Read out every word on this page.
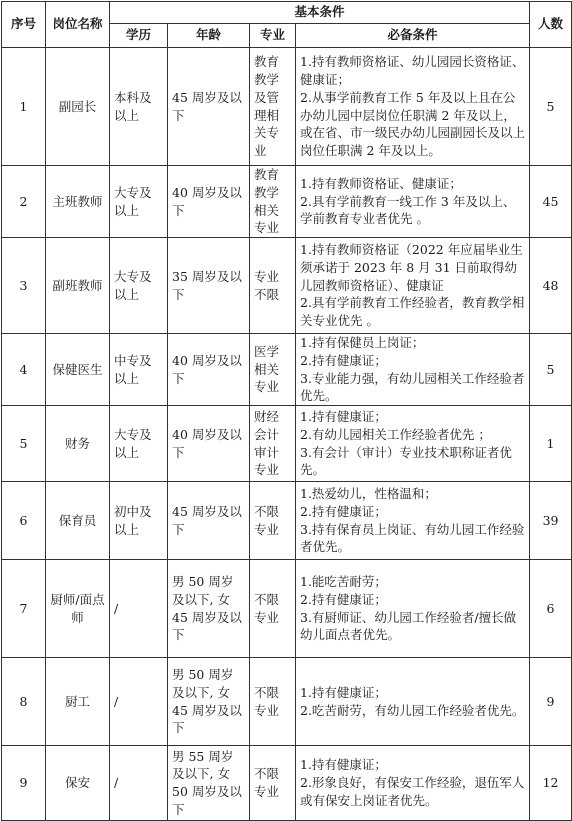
序号	岗位名称	基本条件				人数
		学历	年龄	专业	必备条件	
1	副园长	本科及以上	45 周岁及以下	教育教学及管理相关专业	1.持有教师资格证、幼儿园园长资格证、健康证；
2.从事学前教育工作 5 年及以上且在公办幼儿园中层岗位任职满 2 年及以上，或在省、市一级民办幼儿园副园长及以上岗位任职满 2 年及以上。	5
2	主班教师	大专及以上	40 周岁及以下	教育教学相关专业	1.持有教师资格证、健康证；
2.具有学前教育一线工作 3 年及以上、学前教育专业者优先 。	45
3	副班教师	大专及以上	35 周岁及以下	专业不限	1.持有教师资格证（2022 年应届毕业生须承诺于 2023 年 8 月 31 日前取得幼儿园教师资格证）、健康证
2.具有学前教育工作经验者，教育教学相关专业优先 。	48
4	保健医生	中专及以上	40 周岁及以下	医学相关专业	1.持有保健员上岗证；
2.持有健康证；
3.专业能力强，有幼儿园相关工作经验者优先。	5
5	财务	大专及以上	40 周岁及以下	财经会计审计专业	1.持有健康证；
2.有幼儿园相关工作经验者优先 ；
3.有会计（审计）专业技术职称证者优先。	1
6	保育员	初中及以上	45 周岁及以下	不限专业	1.热爱幼儿，性格温和；
2.持有健康证；
3.持有保育员上岗证、有幼儿园工作经验者优先。	39
7	厨师/面点师	/	男 50 周岁及以下, 女 45 周岁及以下	不限专业	1.能吃苦耐劳；
2.持有健康证；
3.有厨师证、幼儿园工作经验者/擅长做幼儿面点者优先。	6
8	厨工	/	男 50 周岁及以下, 女 45 周岁及以下	不限专业	1.持有健康证；
2.吃苦耐劳，有幼儿园工作经验者优先。	9
9	保安	/	男 55 周岁及以下, 女 50 周岁及以下	不限专业	1.持有健康证；
2.形象良好，有保安工作经验，退伍军人或有保安上岗证者优先。	12
